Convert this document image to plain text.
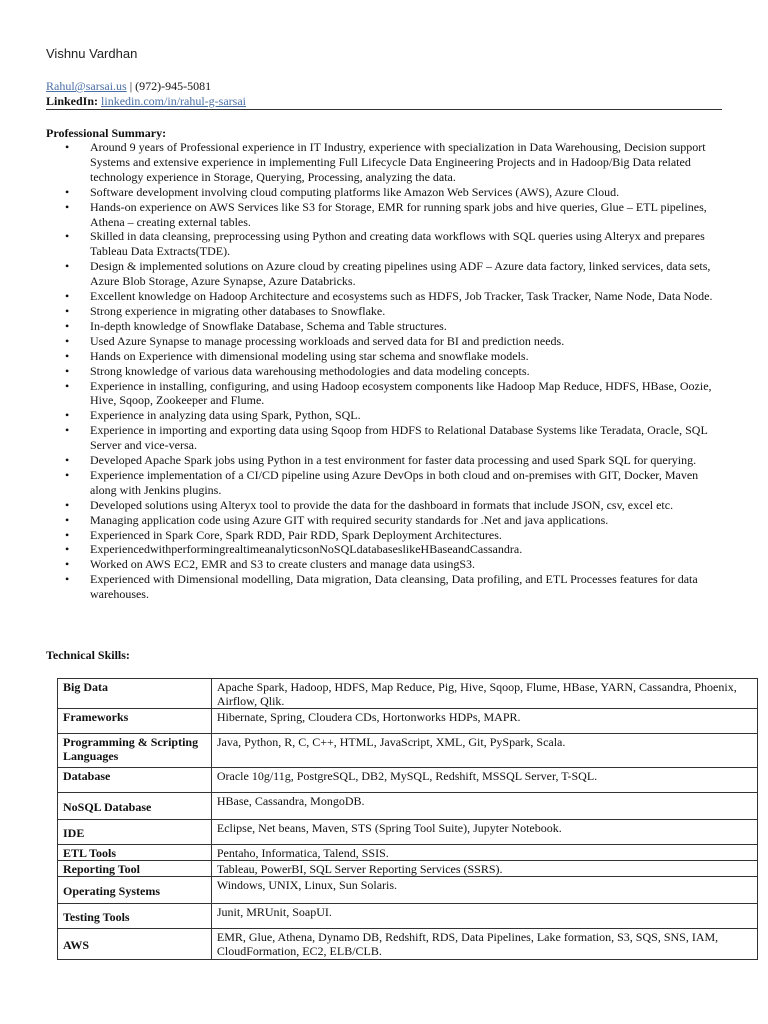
Vishnu Vardhan
Rahul@sarsai.us | (972)-945-5081
LinkedIn: linkedin.com/in/rahul-g-sarsai
Professional Summary:
• Around 9 years of Professional experience in IT Industry, experience with specialization in Data Warehousing, Decision support Systems and extensive experience in implementing Full Lifecycle Data Engineering Projects and in Hadoop/Big Data related technology experience in Storage, Querying, Processing, analyzing the data.
• Software development involving cloud computing platforms like Amazon Web Services (AWS), Azure Cloud.
• Hands-on experience on AWS Services like S3 for Storage, EMR for running spark jobs and hive queries, Glue – ETL pipelines, Athena – creating external tables.
• Skilled in data cleansing, preprocessing using Python and creating data workflows with SQL queries using Alteryx and prepares Tableau Data Extracts(TDE).
• Design & implemented solutions on Azure cloud by creating pipelines using ADF – Azure data factory, linked services, data sets, Azure Blob Storage, Azure Synapse, Azure Databricks.
• Excellent knowledge on Hadoop Architecture and ecosystems such as HDFS, Job Tracker, Task Tracker, Name Node, Data Node.
• Strong experience in migrating other databases to Snowflake.
• In-depth knowledge of Snowflake Database, Schema and Table structures.
• Used Azure Synapse to manage processing workloads and served data for BI and prediction needs.
• Hands on Experience with dimensional modeling using star schema and snowflake models.
• Strong knowledge of various data warehousing methodologies and data modeling concepts.
• Experience in installing, configuring, and using Hadoop ecosystem components like Hadoop Map Reduce, HDFS, HBase, Oozie, Hive, Sqoop, Zookeeper and Flume.
• Experience in analyzing data using Spark, Python, SQL.
• Experience in importing and exporting data using Sqoop from HDFS to Relational Database Systems like Teradata, Oracle, SQL Server and vice-versa.
• Developed Apache Spark jobs using Python in a test environment for faster data processing and used Spark SQL for querying.
• Experience implementation of a CI/CD pipeline using Azure DevOps in both cloud and on-premises with GIT, Docker, Maven along with Jenkins plugins.
• Developed solutions using Alteryx tool to provide the data for the dashboard in formats that include JSON, csv, excel etc.
• Managing application code using Azure GIT with required security standards for .Net and java applications.
• Experienced in Spark Core, Spark RDD, Pair RDD, Spark Deployment Architectures.
• ExperiencedwithperformingrealtimeanalyticsonNoSQLdatabaseslikeHBaseandCassandra.
• Worked on AWS EC2, EMR and S3 to create clusters and manage data usingS3.
• Experienced with Dimensional modelling, Data migration, Data cleansing, Data profiling, and ETL Processes features for data warehouses.
Technical Skills:
Big Data	Apache Spark, Hadoop, HDFS, Map Reduce, Pig, Hive, Sqoop, Flume, HBase, YARN, Cassandra, Phoenix, Airflow, Qlik.
Frameworks	Hibernate, Spring, Cloudera CDs, Hortonworks HDPs, MAPR.
Programming & Scripting Languages	Java, Python, R, C, C++, HTML, JavaScript, XML, Git, PySpark, Scala.
Database	Oracle 10g/11g, PostgreSQL, DB2, MySQL, Redshift, MSSQL Server, T-SQL.
NoSQL Database	HBase, Cassandra, MongoDB.
IDE	Eclipse, Net beans, Maven, STS (Spring Tool Suite), Jupyter Notebook.
ETL Tools	Pentaho, Informatica, Talend, SSIS.
Reporting Tool	Tableau, PowerBI, SQL Server Reporting Services (SSRS).
Operating Systems	Windows, UNIX, Linux, Sun Solaris.
Testing Tools	Junit, MRUnit, SoapUI.
AWS	EMR, Glue, Athena, Dynamo DB, Redshift, RDS, Data Pipelines, Lake formation, S3, SQS, SNS, IAM, CloudFormation, EC2, ELB/CLB.
